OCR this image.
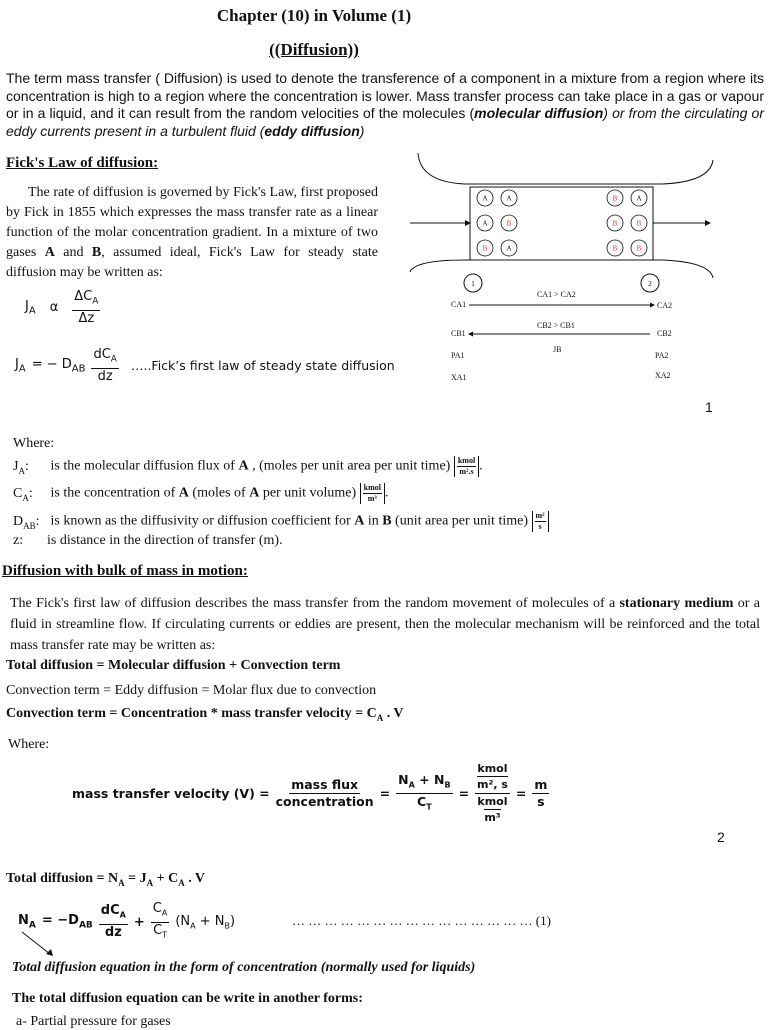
Chapter (10) in Volume (1)
((Diffusion))
The term mass transfer ( Diffusion) is used to denote the transference of a component in a mixture from a region where its concentration is high to a region where the concentration is lower. Mass transfer process can take place in a gas or vapour or in a liquid, and it can result from the random velocities of the molecules (molecular diffusion) or from the circulating or eddy currents present in a turbulent fluid (eddy diffusion)
Fick's Law of diffusion:
The rate of diffusion is governed by Fick's Law, first proposed by Fick in 1855 which expresses the mass transfer rate as a linear function of the molar concentration gradient. In a mixture of two gases A and B, assumed ideal, Fick's Law for steady state diffusion may be written as:
$J_A$ α $\frac{\Delta C_A}{\Delta z}$
$J_A$ = − $D_{AB} \frac{dC_A}{dz}$ …..Fick’s first law of steady state diffusion
A	A
A	B
B	A
B	A
B	B
B	B
1	2
CA1
CA1 > CA2
CA2
CB1
CB2 > CB1
CB2
JB
PA1	PA2
XA1	XA2
1
Where:
$J_A$: is the molecular diffusion flux of A , (moles per unit area per unit time) kmol
m².s .
$C_A$: is the concentration of A (moles of A per unit volume) kmol
m³ .
$D_{AB}$: is known as the diffusivity or diffusion coefficient for A in B (unit area per unit time) $\frac{\text{m²}}{s}$
z: is distance in the direction of transfer (m).
Diffusion with bulk of mass in motion:
The Fick's first law of diffusion describes the mass transfer from the random movement of molecules of a stationary medium or a fluid in streamline flow. If circulating currents or eddies are present, then the molecular mechanism will be reinforced and the total mass transfer rate may be written as:
Total diffusion = Molecular diffusion + Convection term
Convection term = Eddy diffusion = Molar flux due to convection
Convection term = Concentration * mass transfer velocity = $C_A$ . V
Where:
mass transfer velocity $(V) = \frac{\text{mass flux}}{\text{concentration}} = \frac{N_A + N_B}{C_T}$ = kmol
m², s
kmol
$m^3 = \frac{m}{s}$
2
Total diffusion = $N_A = J_A + C_A$ . V
$N_A = -D_{AB} \frac{dC_A}{dz} + \frac{C_A}{C_T} (N_A + N_B)$	… … … … … … … … … … … … … … … (1)
Total diffusion equation in the form of concentration (normally used for liquids)
The total diffusion equation can be write in another forms:
a- Partial pressure for gases
